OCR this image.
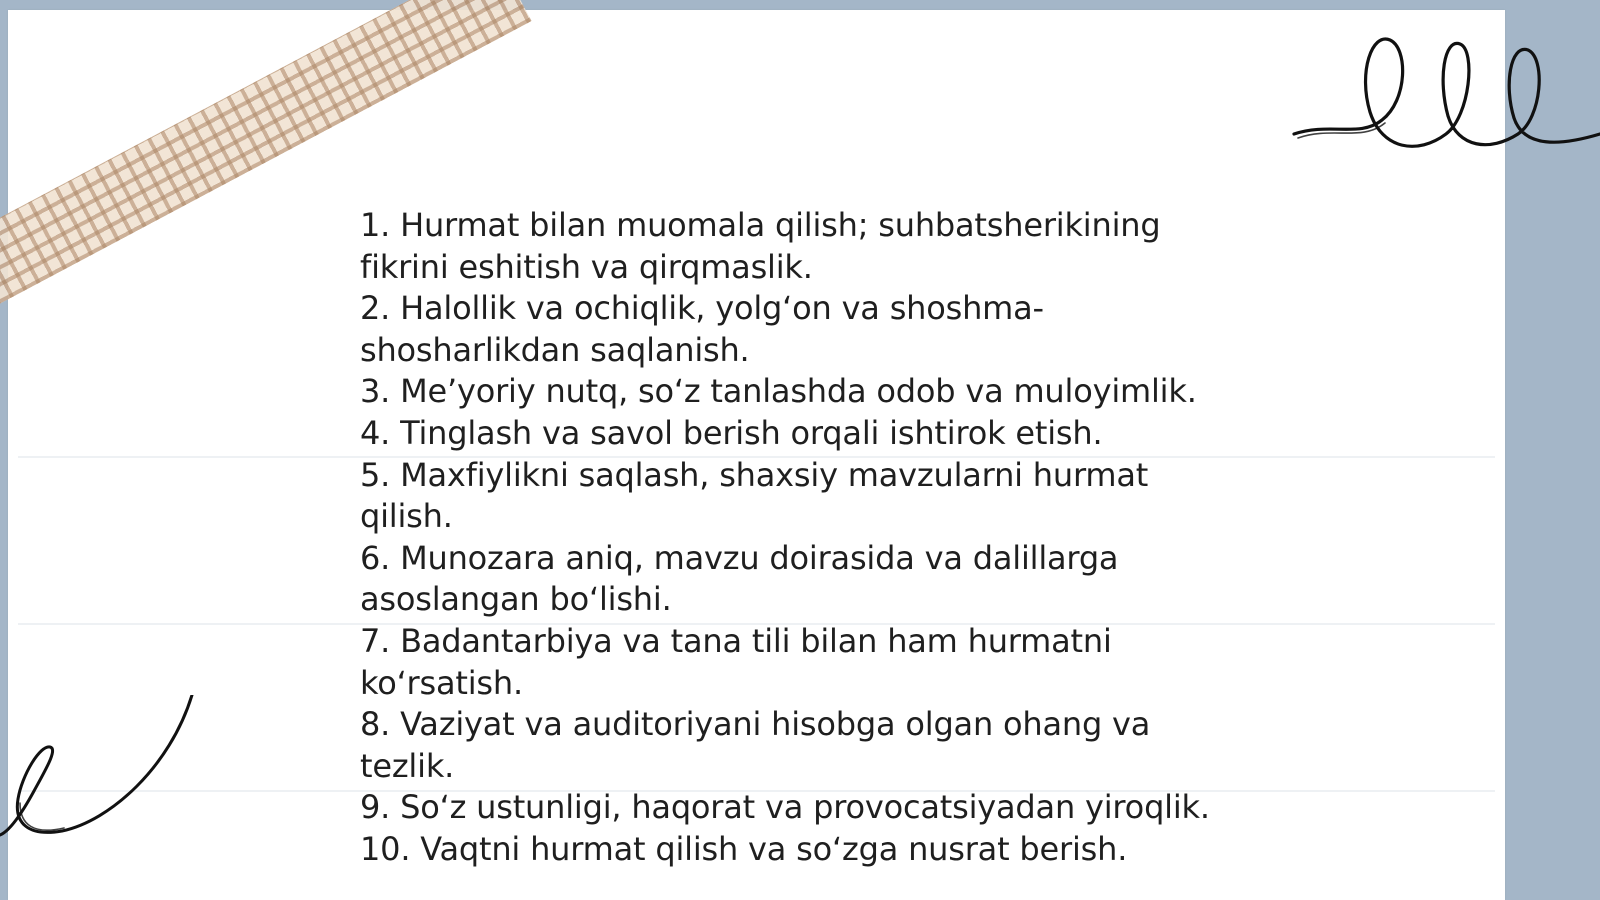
1. Hurmat bilan muomala qilish; suhbatsherikining fikrini eshitish va qirqmaslik.
2. Halollik va ochiqlik, yolg‘on va shoshma-shosharlikdan saqlanish.
3. Me’yoriy nutq, so‘z tanlashda odob va muloyimlik.
4. Tinglash va savol berish orqali ishtirok etish.
5. Maxfiylikni saqlash, shaxsiy mavzularni hurmat qilish.
6. Munozara aniq, mavzu doirasida va dalillarga asoslangan bo‘lishi.
7. Badantarbiya va tana tili bilan ham hurmatni ko‘rsatish.
8. Vaziyat va auditoriyani hisobga olgan ohang va tezlik.
9. So‘z ustunligi, haqorat va provocatsiyadan yiroqlik.
10. Vaqtni hurmat qilish va so‘zga nusrat berish.
